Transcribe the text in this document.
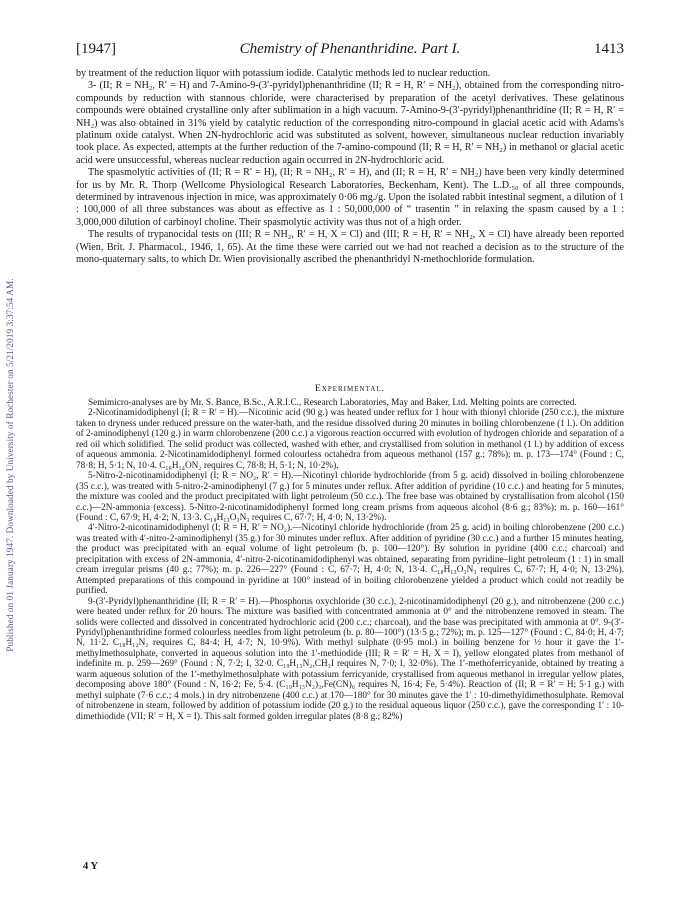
Published on 01 January 1947. Downloaded by University of Rochester on 5/21/2019 3:37:54 AM.
[1947]	Chemistry of Phenanthridine. Part I.	1413

by treatment of the reduction liquor with potassium iodide. Catalytic methods led to nuclear reduction.

3- (II; R = NH₂, R′ = H) and 7-Amino-9-(3′-pyridyl)phenanthridine (II; R = H, R′ = NH₂), obtained from the corresponding nitro-compounds by reduction with stannous chloride, were characterised by preparation of the acetyl derivatives. These gelatinous compounds were obtained crystalline only after sublimation in a high vacuum. 7-Amino-9-(3′-pyridyl)phenanthridine (II; R = H, R′ = NH₂) was also obtained in 31% yield by catalytic reduction of the corresponding nitro-compound in glacial acetic acid with Adams's platinum oxide catalyst. When 2N-hydrochloric acid was substituted as solvent, however, simultaneous nuclear reduction invariably took place. As expected, attempts at the further reduction of the 7-amino-compound (II; R = H, R′ = NH₂) in methanol or glacial acetic acid were unsuccessful, whereas nuclear reduction again occurred in 2N-hydrochloric acid.

The spasmolytic activities of (II; R = R′ = H), (II; R = NH₂, R′ = H), and (II; R = H, R′ = NH₂) have been very kindly determined for us by Mr. R. Thorp (Wellcome Physiological Research Laboratories, Beckenham, Kent). The L.D.₅₀ of all three compounds, determined by intravenous injection in mice, was approximately 0·06 mg./g. Upon the isolated rabbit intestinal segment, a dilution of 1 : 100,000 of all three substances was about as effective as 1 : 50,000,000 of “ trasentin ” in relaxing the spasm caused by a 1 : 3,000,000 dilution of carbinoyl choline. Their spasmolytic activity was thus not of a high order.

The results of trypanocidal tests on (III; R = NH₂, R′ = H, X = Cl) and (III; R = H, R′ = NH₂, X = Cl) have already been reported (Wien, Brit. J. Pharmacol., 1946, 1, 65). At the time these were carried out we had not reached a decision as to the structure of the mono-quaternary salts, to which Dr. Wien provisionally ascribed the phenanthridyl N-methochloride formulation.

Experimental.

Semimicro-analyses are by Mr. S. Bance, B.Sc., A.R.I.C., Research Laboratories, May and Baker, Ltd. Melting points are corrected.

2-Nicotinamidodiphenyl (I; R = R′ = H).—Nicotinic acid (90 g.) was heated under reflux for 1 hour with thionyl chloride (250 c.c.), the mixture taken to dryness under reduced pressure on the water-bath, and the residue dissolved during 20 minutes in boiling chlorobenzene (1 l.). On addition of 2-aminodiphenyl (120 g.) in warm chlorobenzene (200 c.c.) a vigorous reaction occurred with evolution of hydrogen chloride and separation of a red oil which solidified. The solid product was collected, washed with ether, and crystallised from solution in methanol (1 l.) by addition of excess of aqueous ammonia. 2-Nicotinamidodiphenyl formed colourless octahedra from aqueous methanol (157 g.; 78%); m. p. 173—174° (Found : C, 78·8; H, 5·1; N, 10·4. C₁₈H₁₄ON₂ requires C, 78·8; H, 5·1; N, 10·2%).

5-Nitro-2-nicotinamidodiphenyl (I; R = NO₂, R′ = H).—Nicotinyl chloride hydrochloride (from 5 g. acid) dissolved in boiling chlorobenzene (35 c.c.), was treated with 5-nitro-2-aminodiphenyl (7 g.) for 5 minutes under reflux. After addition of pyridine (10 c.c.) and heating for 5 minutes, the mixture was cooled and the product precipitated with light petroleum (50 c.c.). The free base was obtained by crystallisation from alcohol (150 c.c.)—2N-ammonia (excess). 5-Nitro-2-nicotinamidodiphenyl formed long cream prisms from aqueous alcohol (8·6 g.; 83%); m. p. 160—161° (Found : C, 67·9; H, 4·2; N, 13·3. C₁₈H₁₃O₃N₃ requires C, 67·7; H, 4·0; N, 13·2%).

4′-Nitro-2-nicotinamidodiphenyl (I; R = H, R′ = NO₂).—Nicotinyl chloride hydrochloride (from 25 g. acid) in boiling chlorobenzene (200 c.c.) was treated with 4′-nitro-2-aminodiphenyl (35 g.) for 30 minutes under reflux. After addition of pyridine (30 c.c.) and a further 15 minutes heating, the product was precipitated with an equal volume of light petroleum (b. p. 100—120°). By solution in pyridine (400 c.c.; charcoal) and precipitation with excess of 2N-ammonia, 4′-nitro-2-nicotinamidodiphenyl was obtained, separating from pyridine–light petroleum (1 : 1) in small cream irregular prisms (40 g.; 77%); m. p. 226—227° (Found : C, 67·7; H, 4·0; N, 13·4. C₁₈H₁₃O₃N₃ requires C, 67·7; H, 4·0; N, 13·2%). Attempted preparations of this compound in pyridine at 100° instead of in boiling chlorobenzene yielded a product which could not readily be purified.

9-(3′-Pyridyl)phenanthridine (II; R = R′ = H).—Phosphorus oxychloride (30 c.c.), 2-nicotinamidodiphenyl (20 g.), and nitrobenzene (200 c.c.) were heated under reflux for 20 hours. The mixture was basified with concentrated ammonia at 0° and the nitrobenzene removed in steam. The solids were collected and dissolved in concentrated hydrochloric acid (200 c.c.; charcoal), and the base was precipitated with ammonia at 0°. 9-(3′-Pyridyl)phenanthridine formed colourless needles from light petroleum (b. p. 80—100°) (13·5 g.; 72%); m. p. 125—127° (Found : C, 84·0; H, 4·7; N, 11·2. C₁₈H₁₂N₂ requires C, 84·4; H, 4·7; N, 10·9%). With methyl sulphate (0·95 mol.) in boiling benzene for ½ hour it gave the 1′-methylmethosulphate, converted in aqueous solution into the 1′-methiodide (III; R = R′ = H, X = I), yellow elongated plates from methanol of indefinite m. p. 259—269° (Found : N, 7·2; I, 32·0. C₁₉H₁₅N₂,CH₃I requires N, 7·0; I, 32·0%). The 1′-methoferricyanide, obtained by treating a warm aqueous solution of the 1′-methylmethosulphate with potassium ferricyanide, crystallised from aqueous methanol in irregular yellow plates, decomposing above 180° (Found : N, 16·2; Fe, 5·4. (C₁₉H₁₅N₂)₃,Fe(CN)₆ requires N, 16·4; Fe, 5·4%). Reaction of (II; R = R′ = H; 5·1 g.) with methyl sulphate (7·6 c.c.; 4 mols.) in dry nitrobenzene (400 c.c.) at 170—180° for 30 minutes gave the 1′ : 10-dimethyldimethosulphate. Removal of nitrobenzene in steam, followed by addition of potassium iodide (20 g.) to the residual aqueous liquor (250 c.c.), gave the corresponding 1′ : 10-dimethiodide (VII; R′ = H, X = I). This salt formed golden irregular plates (8·8 g.; 82%)

4 Y
